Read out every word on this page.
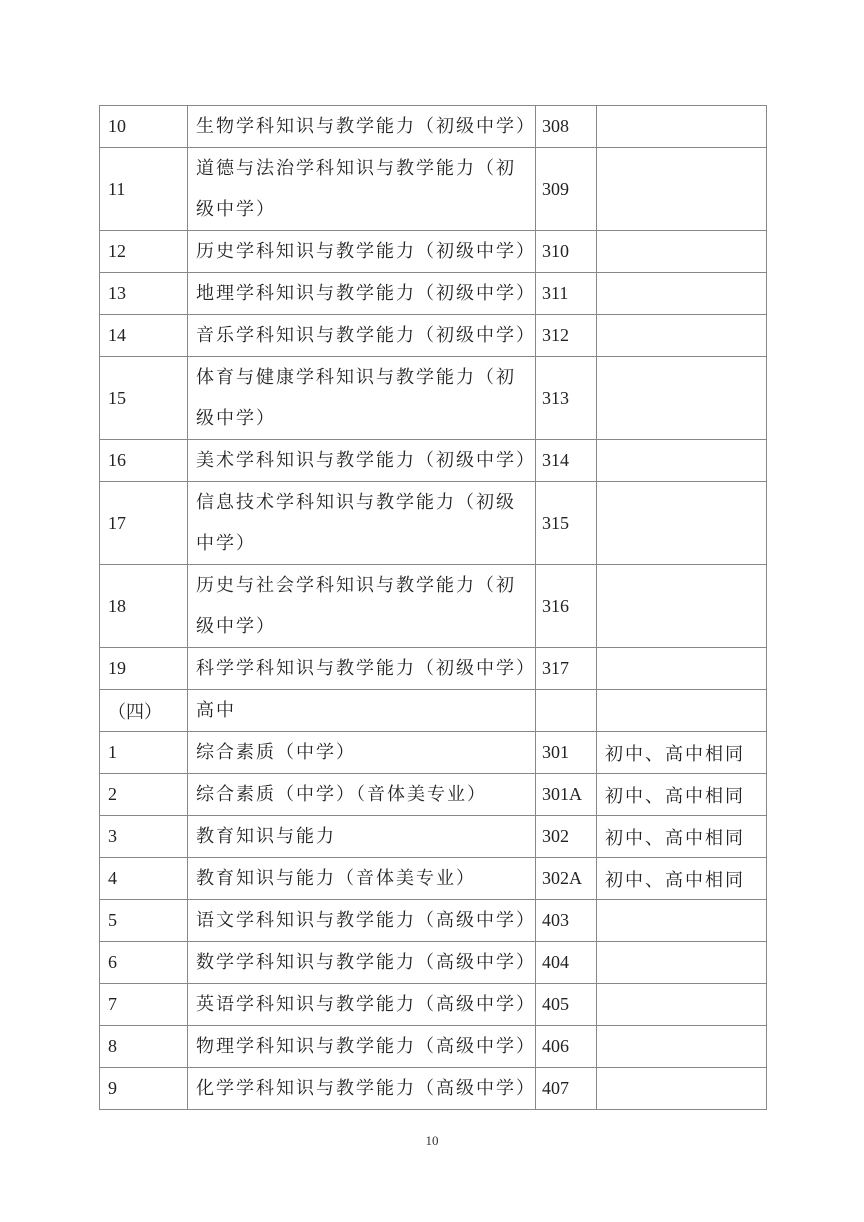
10	生物学科知识与教学能力（初级中学）	308	
11	道德与法治学科知识与教学能力（初级中学）	309	
12	历史学科知识与教学能力（初级中学）	310	
13	地理学科知识与教学能力（初级中学）	311	
14	音乐学科知识与教学能力（初级中学）	312	
15	体育与健康学科知识与教学能力（初级中学）	313	
16	美术学科知识与教学能力（初级中学）	314	
17	信息技术学科知识与教学能力（初级中学）	315	
18	历史与社会学科知识与教学能力（初级中学）	316	
19	科学学科知识与教学能力（初级中学）	317	
（四）	高中		
1	综合素质（中学）	301	初中、高中相同
2	综合素质（中学）（音体美专业）	301A	初中、高中相同
3	教育知识与能力	302	初中、高中相同
4	教育知识与能力（音体美专业）	302A	初中、高中相同
5	语文学科知识与教学能力（高级中学）	403	
6	数学学科知识与教学能力（高级中学）	404	
7	英语学科知识与教学能力（高级中学）	405	
8	物理学科知识与教学能力（高级中学）	406	
9	化学学科知识与教学能力（高级中学）	407	
10
